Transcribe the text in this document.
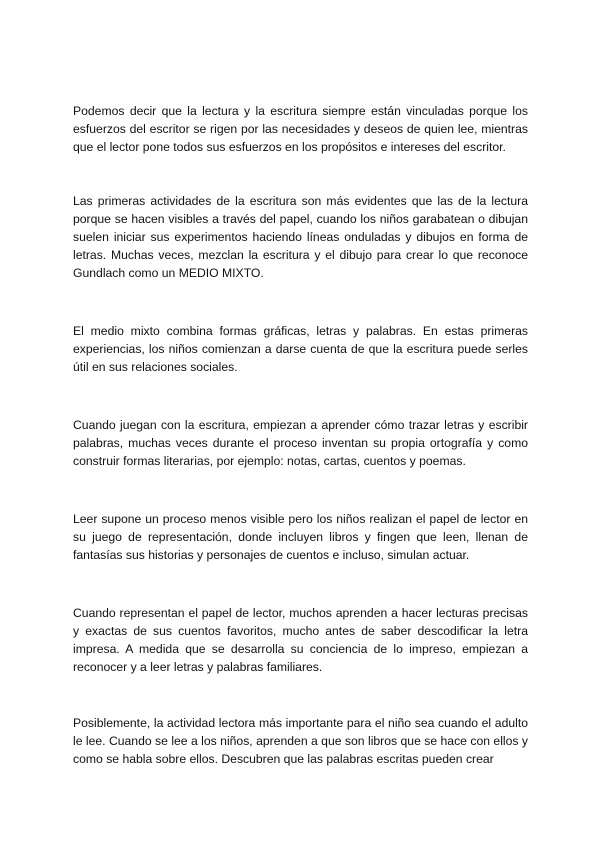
Podemos decir que la lectura y la escritura siempre están vinculadas porque los esfuerzos del escritor se rigen por las necesidades y deseos de quien lee, mientras que el lector pone todos sus esfuerzos en los propósitos e intereses del escritor.

Las primeras actividades de la escritura son más evidentes que las de la lectura porque se hacen visibles a través del papel, cuando los niños garabatean o dibujan suelen iniciar sus experimentos haciendo líneas onduladas y dibujos en forma de letras. Muchas veces, mezclan la escritura y el dibujo para crear lo que reconoce Gundlach como un MEDIO MIXTO.

El medio mixto combina formas gráficas, letras y palabras. En estas primeras experiencias, los niños comienzan a darse cuenta de que la escritura puede serles útil en sus relaciones sociales.

Cuando juegan con la escritura, empiezan a aprender cómo trazar letras y escribir palabras, muchas veces durante el proceso inventan su propia ortografía y como construir formas literarias, por ejemplo: notas, cartas, cuentos y poemas.

Leer supone un proceso menos visible pero los niños realizan el papel de lector en su juego de representación, donde incluyen libros y fingen que leen, llenan de fantasías sus historias y personajes de cuentos e incluso, simulan actuar.

Cuando representan el papel de lector, muchos aprenden a hacer lecturas precisas y exactas de sus cuentos favoritos, mucho antes de saber descodificar la letra impresa. A medida que se desarrolla su conciencia de lo impreso, empiezan a reconocer y a leer letras y palabras familiares.

Posiblemente, la actividad lectora más importante para el niño sea cuando el adulto le lee. Cuando se lee a los niños, aprenden a que son libros que se hace con ellos y como se habla sobre ellos. Descubren que las palabras escritas pueden crear
